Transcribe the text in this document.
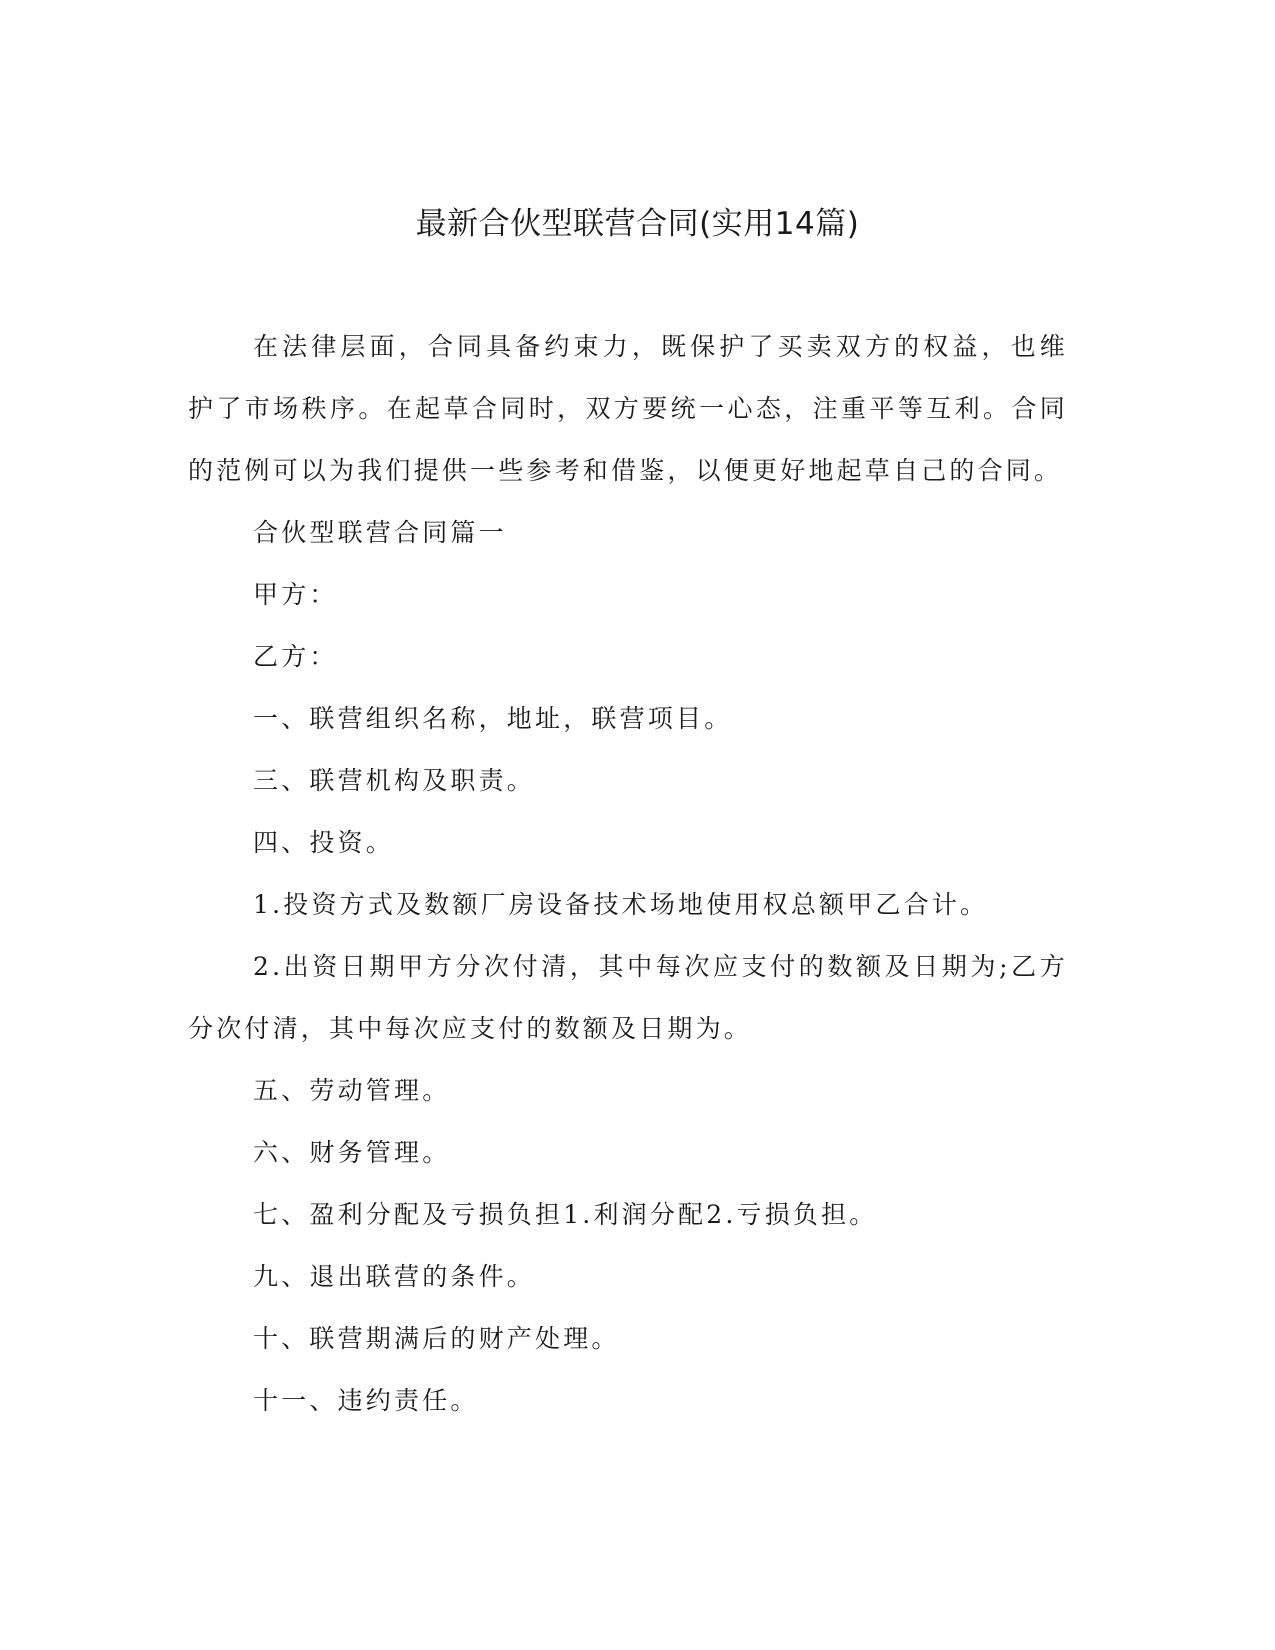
最新合伙型联营合同(实用14篇)

在法律层面，合同具备约束力，既保护了买卖双方的权益，也维护了市场秩序。在起草合同时，双方要统一心态，注重平等互利。合同的范例可以为我们提供一些参考和借鉴，以便更好地起草自己的合同。

合伙型联营合同篇一

甲方：

乙方：

一、联营组织名称，地址，联营项目。

三、联营机构及职责。

四、投资。

1.投资方式及数额厂房设备技术场地使用权总额甲乙合计。

2.出资日期甲方分次付清，其中每次应支付的数额及日期为;乙方分次付清，其中每次应支付的数额及日期为。

五、劳动管理。

六、财务管理。

七、盈利分配及亏损负担1.利润分配2.亏损负担。

九、退出联营的条件。

十、联营期满后的财产处理。

十一、违约责任。
